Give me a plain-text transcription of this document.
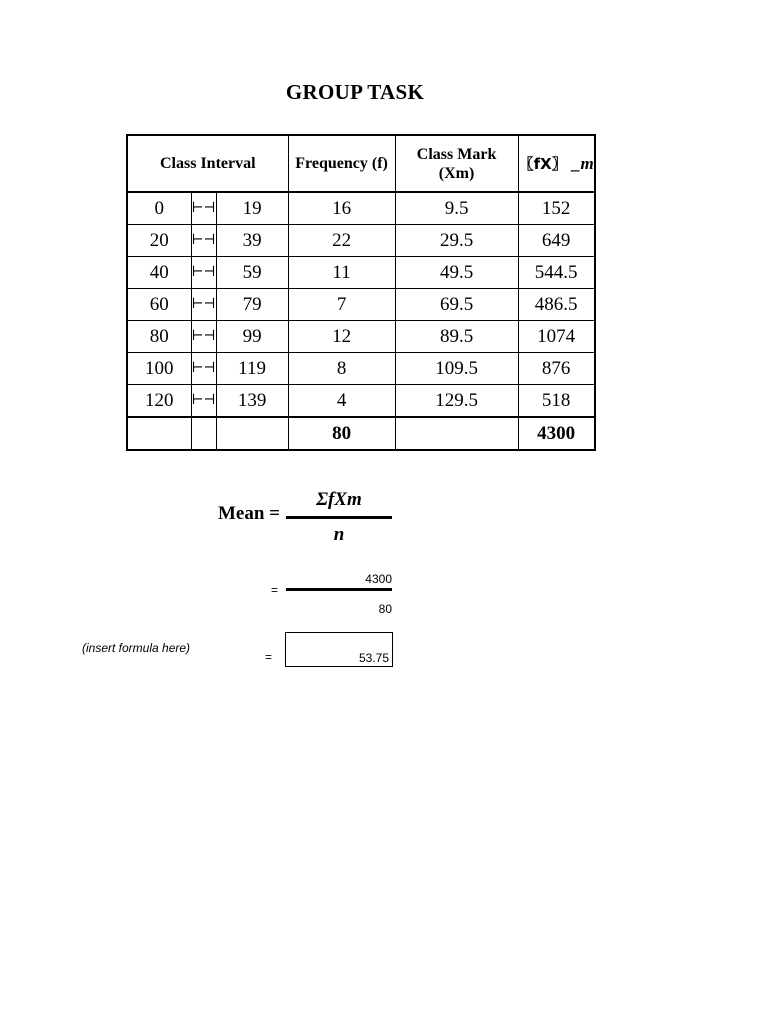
GROUP TASK
Class Interval			Frequency (f)	Class Mark
(Xm)	〖fX〗 _m
0	⊢⊣	19	16	9.5	152
20	⊢⊣	39	22	29.5	649
40	⊢⊣	59	11	49.5	544.5
60	⊢⊣	79	7	69.5	486.5
80	⊢⊣	99	12	89.5	1074
100	⊢⊣	119	8	109.5	876
120	⊢⊣	139	4	129.5	518
			80		4300
Mean =
ΣfXm
n
=
4300
80
(insert formula here)
=	53.75
